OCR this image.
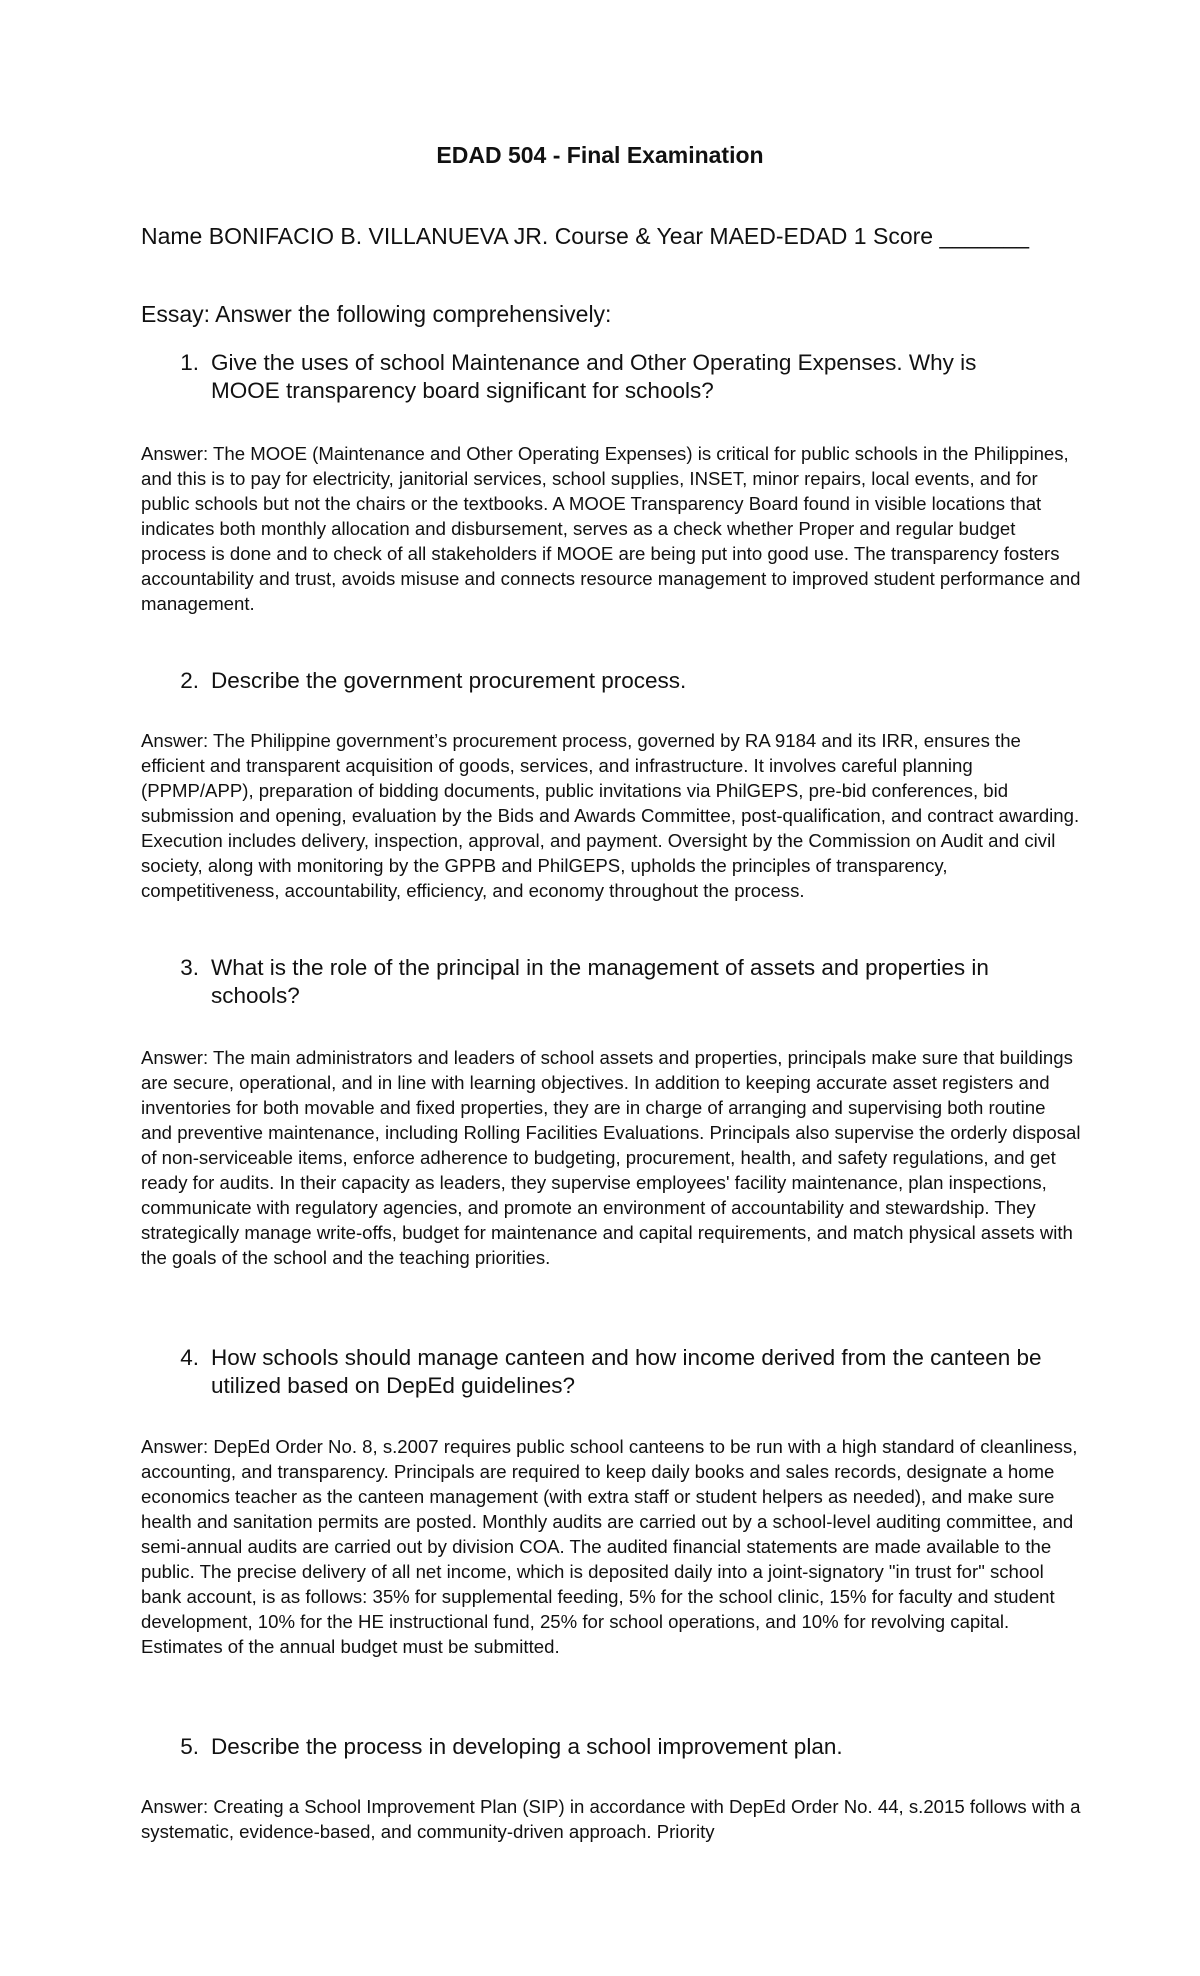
EDAD 504 - Final Examination

Name BONIFACIO B. VILLANUEVA JR. Course & Year MAED-EDAD 1 Score _______

Essay: Answer the following comprehensively:

1. Give the uses of school Maintenance and Other Operating Expenses. Why is MOOE transparency board significant for schools?

Answer: The MOOE (Maintenance and Other Operating Expenses) is critical for public schools in the Philippines, and this is to pay for electricity, janitorial services, school supplies, INSET, minor repairs, local events, and for public schools but not the chairs or the textbooks. A MOOE Transparency Board found in visible locations that indicates both monthly allocation and disbursement, serves as a check whether Proper and regular budget process is done and to check of all stakeholders if MOOE are being put into good use. The transparency fosters accountability and trust, avoids misuse and connects resource management to improved student performance and management.

2. Describe the government procurement process.

Answer: The Philippine government’s procurement process, governed by RA 9184 and its IRR, ensures the efficient and transparent acquisition of goods, services, and infrastructure. It involves careful planning (PPMP/APP), preparation of bidding documents, public invitations via PhilGEPS, pre-bid conferences, bid submission and opening, evaluation by the Bids and Awards Committee, post-qualification, and contract awarding. Execution includes delivery, inspection, approval, and payment. Oversight by the Commission on Audit and civil society, along with monitoring by the GPPB and PhilGEPS, upholds the principles of transparency, competitiveness, accountability, efficiency, and economy throughout the process.

3. What is the role of the principal in the management of assets and properties in schools?

Answer: The main administrators and leaders of school assets and properties, principals make sure that buildings are secure, operational, and in line with learning objectives. In addition to keeping accurate asset registers and inventories for both movable and fixed properties, they are in charge of arranging and supervising both routine and preventive maintenance, including Rolling Facilities Evaluations. Principals also supervise the orderly disposal of non-serviceable items, enforce adherence to budgeting, procurement, health, and safety regulations, and get ready for audits. In their capacity as leaders, they supervise employees' facility maintenance, plan inspections, communicate with regulatory agencies, and promote an environment of accountability and stewardship. They strategically manage write-offs, budget for maintenance and capital requirements, and match physical assets with the goals of the school and the teaching priorities.

4. How schools should manage canteen and how income derived from the canteen be utilized based on DepEd guidelines?

Answer: DepEd Order No. 8, s.2007 requires public school canteens to be run with a high standard of cleanliness, accounting, and transparency. Principals are required to keep daily books and sales records, designate a home economics teacher as the canteen management (with extra staff or student helpers as needed), and make sure health and sanitation permits are posted. Monthly audits are carried out by a school-level auditing committee, and semi-annual audits are carried out by division COA. The audited financial statements are made available to the public. The precise delivery of all net income, which is deposited daily into a joint-signatory "in trust for" school bank account, is as follows: 35% for supplemental feeding, 5% for the school clinic, 15% for faculty and student development, 10% for the HE instructional fund, 25% for school operations, and 10% for revolving capital. Estimates of the annual budget must be submitted.

5. Describe the process in developing a school improvement plan.

Answer: Creating a School Improvement Plan (SIP) in accordance with DepEd Order No. 44, s.2015 follows with a systematic, evidence-based, and community-driven approach. Priority
